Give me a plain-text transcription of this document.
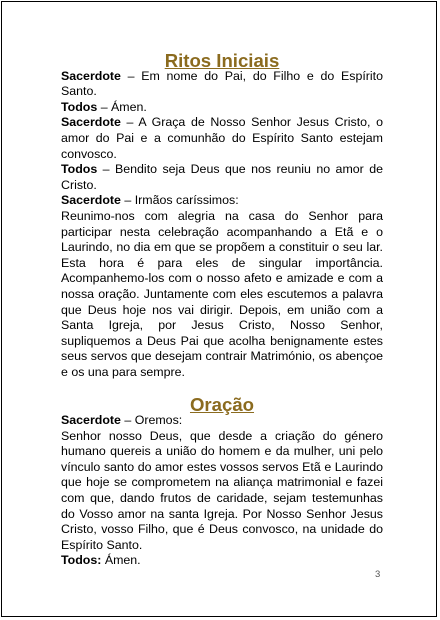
Ritos Iniciais

Sacerdote – Em nome do Pai, do Filho e do Espírito Santo.

Todos – Ámen.

Sacerdote – A Graça de Nosso Senhor Jesus Cristo, o amor do Pai e a comunhão do Espírito Santo estejam convosco.

Todos – Bendito seja Deus que nos reuniu no amor de Cristo.

Sacerdote – Irmãos caríssimos:

Reunimo-nos com alegria na casa do Senhor para participar nesta celebração acompanhando a Etã e o Laurindo, no dia em que se propõem a constituir o seu lar. Esta hora é para eles de singular importância. Acompanhemo-los com o nosso afeto e amizade e com a nossa oração. Juntamente com eles escutemos a palavra que Deus hoje nos vai dirigir. Depois, em união com a Santa Igreja, por Jesus Cristo, Nosso Senhor, supliquemos a Deus Pai que acolha benignamente estes seus servos que desejam contrair Matrimónio, os abençoe e os una para sempre.

Oração

Sacerdote – Oremos:

Senhor nosso Deus, que desde a criação do género humano quereis a união do homem e da mulher, uni pelo vínculo santo do amor estes vossos servos Etã e Laurindo que hoje se comprometem na aliança matrimonial e fazei com que, dando frutos de caridade, sejam testemunhas do Vosso amor na santa Igreja. Por Nosso Senhor Jesus Cristo, vosso Filho, que é Deus convosco, na unidade do Espírito Santo.

Todos: Ámen.

3
